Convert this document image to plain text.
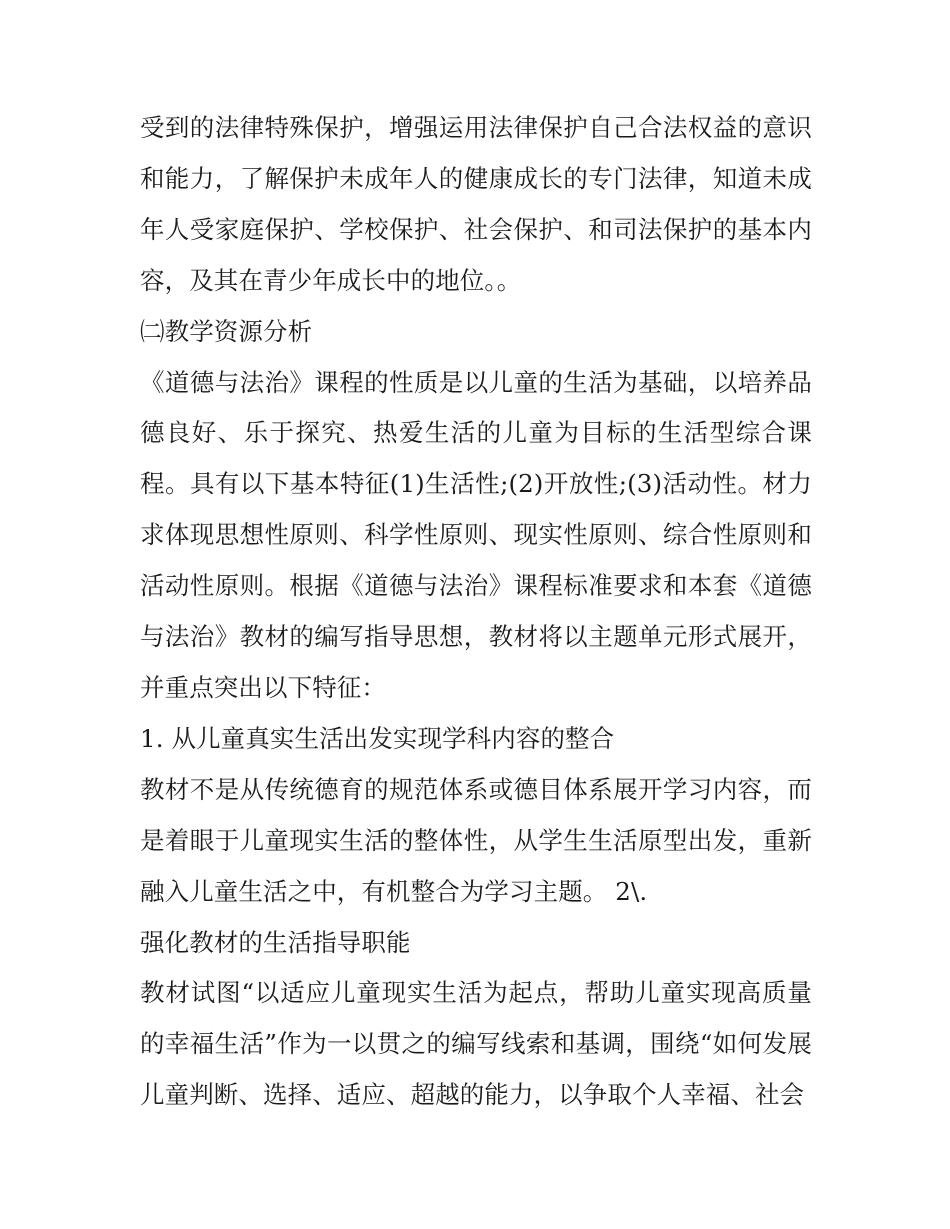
受到的法律特殊保护，增强运用法律保护自己合法权益的意识和能力，了解保护未成年人的健康成长的专门法律，知道未成年人受家庭保护、学校保护、社会保护、和司法保护的基本内容，及其在青少年成长中的地位。。

㈡教学资源分析

《道德与法治》课程的性质是以儿童的生活为基础，以培养品德良好、乐于探究、热爱生活的儿童为目标的生活型综合课程。具有以下基本特征(1)生活性;(2)开放性;(3)活动性。材力求体现思想性原则、科学性原则、现实性原则、综合性原则和活动性原则。根据《道德与法治》课程标准要求和本套《道德与法治》教材的编写指导思想，教材将以主题单元形式展开，并重点突出以下特征：

1. 从儿童真实生活出发实现学科内容的整合

教材不是从传统德育的规范体系或德目体系展开学习内容，而是着眼于儿童现实生活的整体性，从学生生活原型出发，重新融入儿童生活之中，有机整合为学习主题。 2\.

强化教材的生活指导职能

教材试图“以适应儿童现实生活为起点，帮助儿童实现高质量的幸福生活”作为一以贯之的编写线索和基调，围绕“如何发展儿童判断、选择、适应、超越的能力，以争取个人幸福、社会
